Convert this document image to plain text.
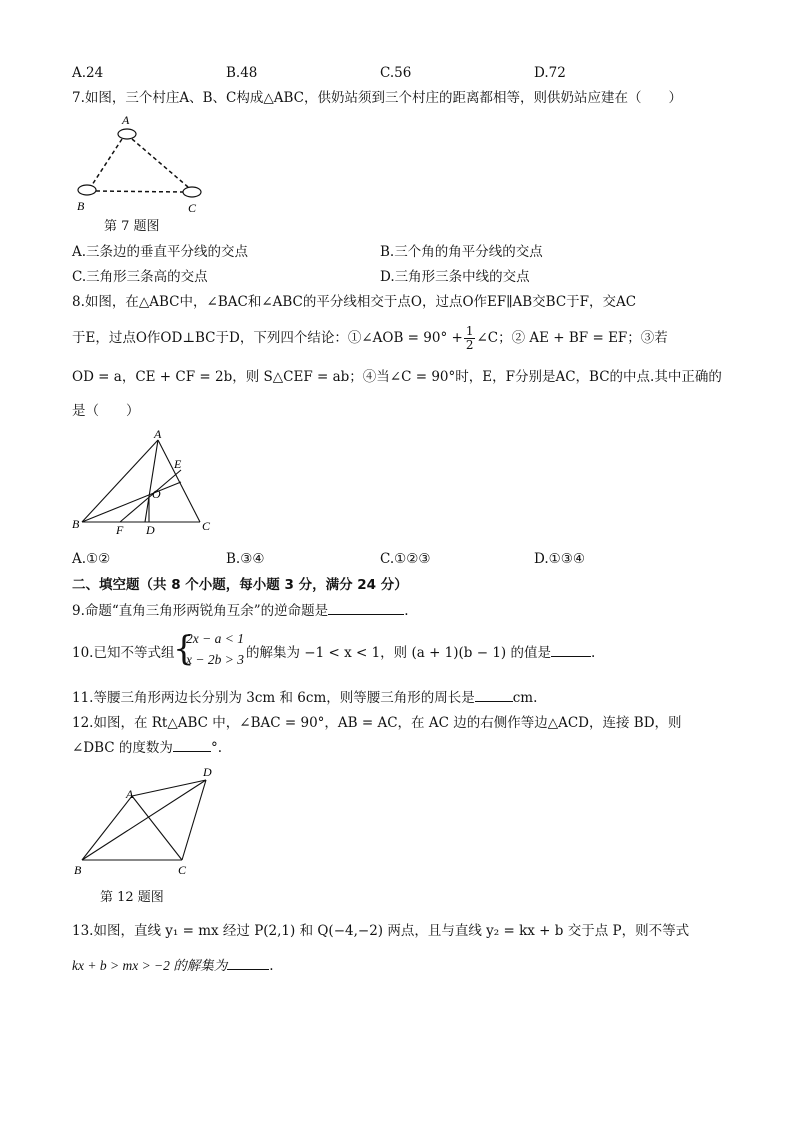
A.24	B.48	C.56	D.72
7.如图，三个村庄A、B、C构成△ABC，供奶站须到三个村庄的距离都相等，则供奶站应建在（　　）
A
B	C
第 7 题图
A.三条边的垂直平分线的交点	B.三个角的角平分线的交点
C.三角形三条高的交点	D.三角形三条中线的交点
8.如图，在△ABC中，∠BAC和∠ABC的平分线相交于点O，过点O作EF∥AB交BC于F，交AC
于E，过点O作OD⊥BC于D，下列四个结论：①∠AOB = $90^\circ + \frac{1}{2}$ ∠C；② AE + BF = EF；③若
OD = a，CE + CF = 2b，则 S△CEF = ab；④当∠C = 90°时，E，F分别是AC，BC的中点.其中正确的
是（　　）
A
B	C
D
E
F
O
A.①②	B.③④	C.①②③	D.①③④
二、填空题（共 8 个小题，每小题 3 分，满分 24 分）
9.命题“直角三角形两锐角互余”的逆命题是	.
10.已知不等式组
{
2x − a < 1
x − 2b > 3 的解集为 −1 < x < 1，则 (a + 1)(b − 1) 的值是	.
11.等腰三角形两边长分别为 3cm 和 6cm，则等腰三角形的周长是	cm.
12.如图，在 Rt△ABC 中，∠BAC = 90°，AB = AC，在 AC 边的右侧作等边△ACD，连接 BD，则
∠DBC 的度数为	°.
A
B	C
D
第 12 题图
13.如图，直线 y₁ = mx 经过 P(2,1) 和 Q(−4,−2) 两点，且与直线 y₂ = kx + b 交于点 P，则不等式
kx + b > mx > −2 的解集为	.
